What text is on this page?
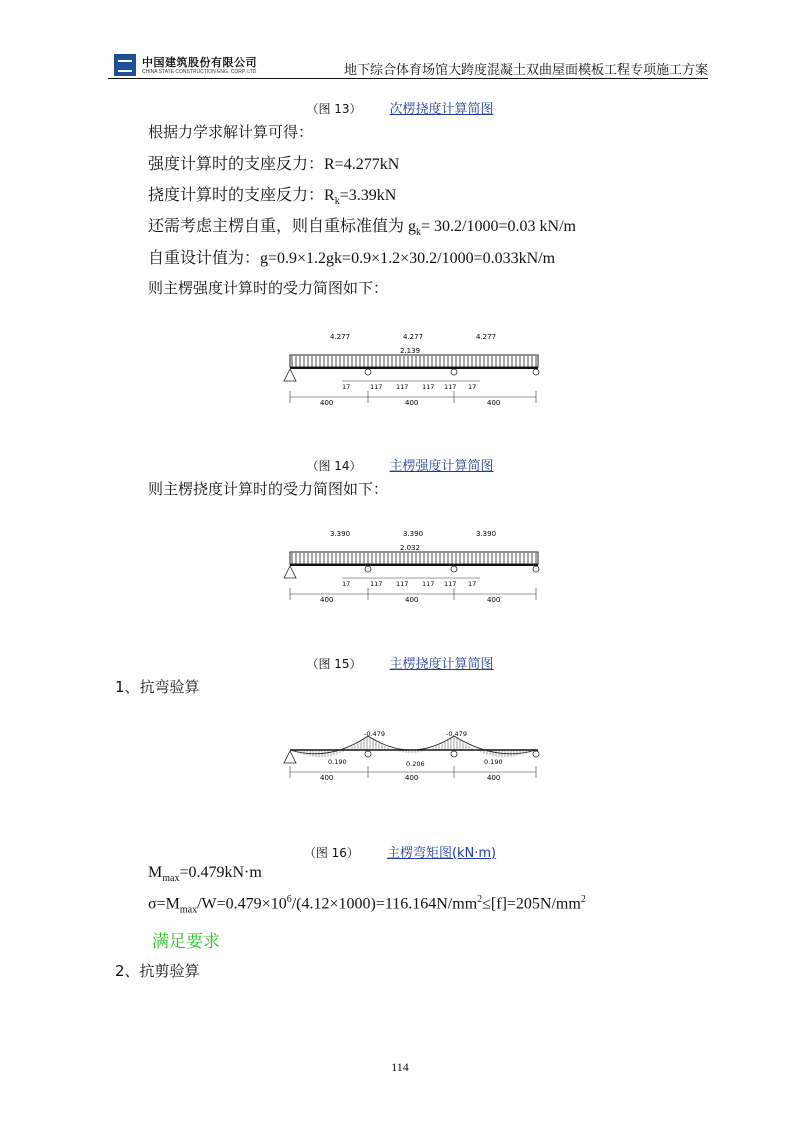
中国建筑股份有限公司
CHINA STATE CONSTRUCTION ENG. CORP. LTD	地下综合体育场馆大跨度混凝土双曲屋面模板工程专项施工方案
（图 13） 次楞挠度计算简图
根据力学求解计算可得：
强度计算时的支座反力：R=4.277kN
挠度计算时的支座反力：$R_k=3.39kN$
还需考虑主楞自重，则自重标准值为 $g_k= 30.2/1000=0.03$ kN/m
自重设计值为：g=0.9×1.2gk=0.9×1.2×30.2/1000=0.033kN/m
则主楞强度计算时的受力简图如下：
4.277	4.277	4.277
2.139
17	117 117 117 117 17
400	400	400
（图 14） 主楞强度计算简图
则主楞挠度计算时的受力简图如下：
3.390	3.390	3.390
2.032
17	117 117 117 117 17
400	400	400
（图 15） 主楞挠度计算简图
1、抗弯验算
-0.479	-0.479
0.190	0.206	0.190
400	400	400
（图 16） 主楞弯矩图(kN·m)
$M_{max}=0.479kN\cdot m$
$\sigma=M_{max}/W=0.479\times 10^6/(4.12\times 1000)=116.164N/mm^2\le[f]=205N/mm^2$
满足要求
2、抗剪验算
114
